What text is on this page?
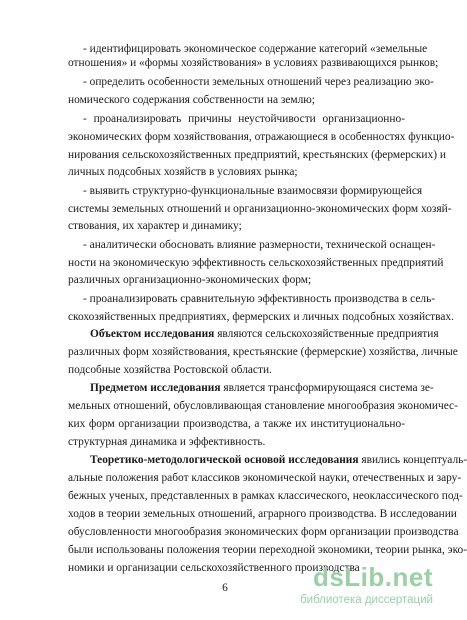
- идентифицировать экономическое содержание категорий «земельные
отношения» и «формы хозяйствования» в условиях развивающихся рынков;
- определить особенности земельных отношений через реализацию эко-
номического содержания собственности на землю;
- проанализировать причины неустойчивости организационно-
экономических форм хозяйствования, отражающиеся в особенностях функцио-
нирования сельскохозяйственных предприятий, крестьянских (фермерских) и
личных подсобных хозяйств в условиях рынка;
- выявить структурно-функциональные взаимосвязи формирующейся
системы земельных отношений и организационно-экономических форм хозяй-
ствования, их характер и динамику;
- аналитически обосновать влияние размерности, технической оснащен-
ности на экономическую эффективность сельскохозяйственных предприятий
различных организационно-экономических форм;
- проанализировать сравнительную эффективность производства в сель-
скохозяйственных предприятиях, фермерских и личных подсобных хозяйствах.
Объектом исследования являются сельскохозяйственные предприятия
различных форм хозяйствования, крестьянские (фермерские) хозяйства, личные
подсобные хозяйства Ростовской области.
Предметом исследования является трансформирующаяся система зе-
мельных отношений, обусловливающая становление многообразия экономичес-
ких форм организации производства, а также их институционально-
структурная динамика и эффективность.
Теоретико-методологической основой исследования явились концептуаль-
альные положения работ классиков экономической науки, отечественных и зару-
бежных ученых, представленных в рамках классического, неоклассического под-
ходов в теории земельных отношений, аграрного производства. В исследовании
обусловленности многообразия экономических форм организации производства
были использованы положения теории переходной экономики, теории рынка, эко-
номики и организации сельскохозяйственного производства
6	dsLib.net
библиотека диссертаций
